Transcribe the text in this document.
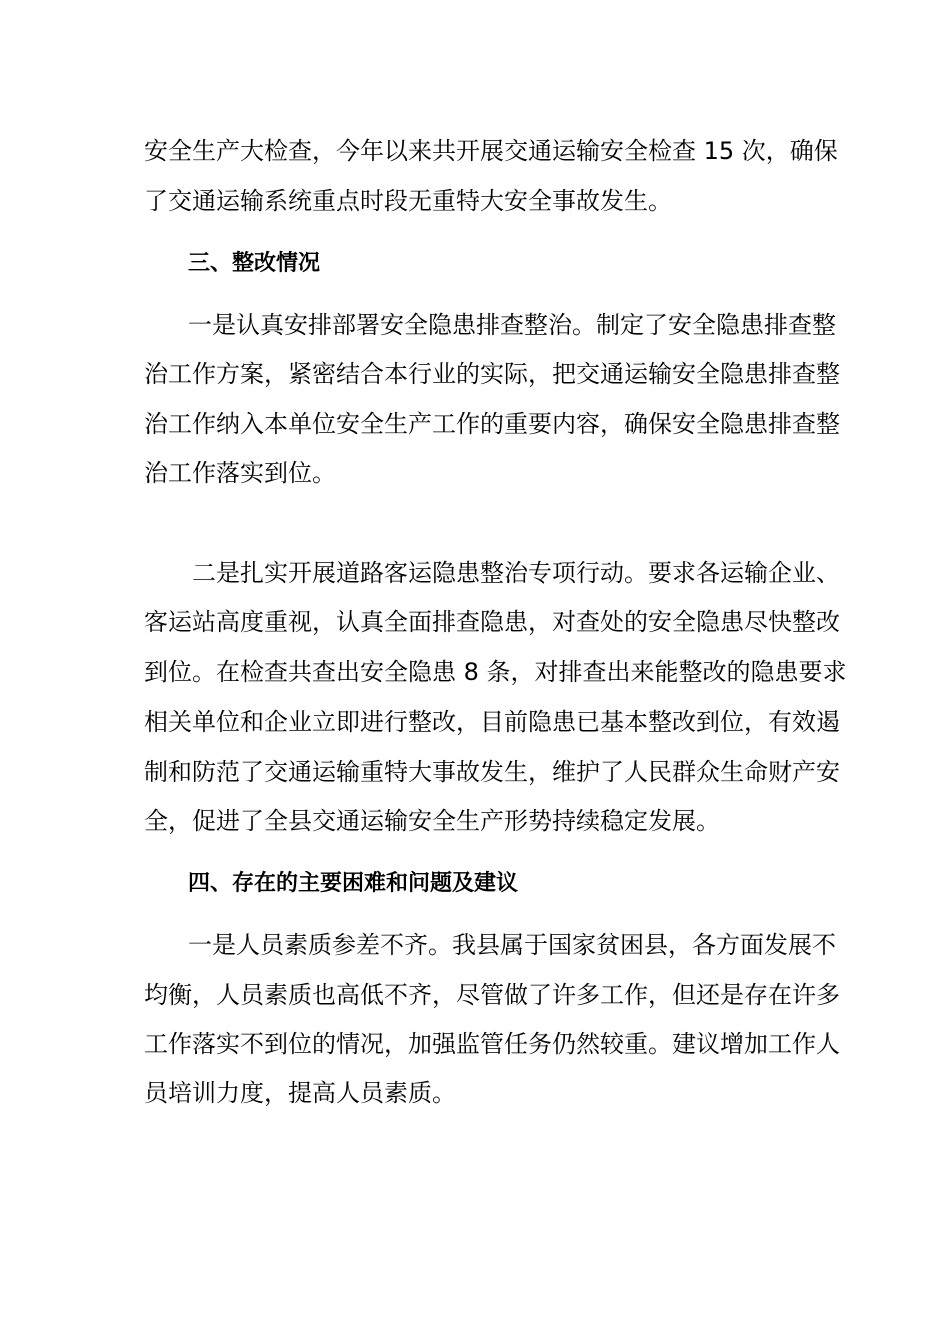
安全生产大检查，今年以来共开展交通运输安全检查 15 次，确保
了交通运输系统重点时段无重特大安全事故发生。
三、整改情况
一是认真安排部署安全隐患排查整治。制定了安全隐患排查整
治工作方案，紧密结合本行业的实际，把交通运输安全隐患排查整
治工作纳入本单位安全生产工作的重要内容，确保安全隐患排查整
治工作落实到位。
二是扎实开展道路客运隐患整治专项行动。要求各运输企业、
客运站高度重视，认真全面排查隐患，对查处的安全隐患尽快整改
到位。在检查共查出安全隐患 8 条，对排查出来能整改的隐患要求
相关单位和企业立即进行整改，目前隐患已基本整改到位，有效遏
制和防范了交通运输重特大事故发生，维护了人民群众生命财产安
全，促进了全县交通运输安全生产形势持续稳定发展。
四、存在的主要困难和问题及建议
一是人员素质参差不齐。我县属于国家贫困县，各方面发展不
均衡，人员素质也高低不齐，尽管做了许多工作，但还是存在许多
工作落实不到位的情况，加强监管任务仍然较重。建议增加工作人
员培训力度，提高人员素质。
